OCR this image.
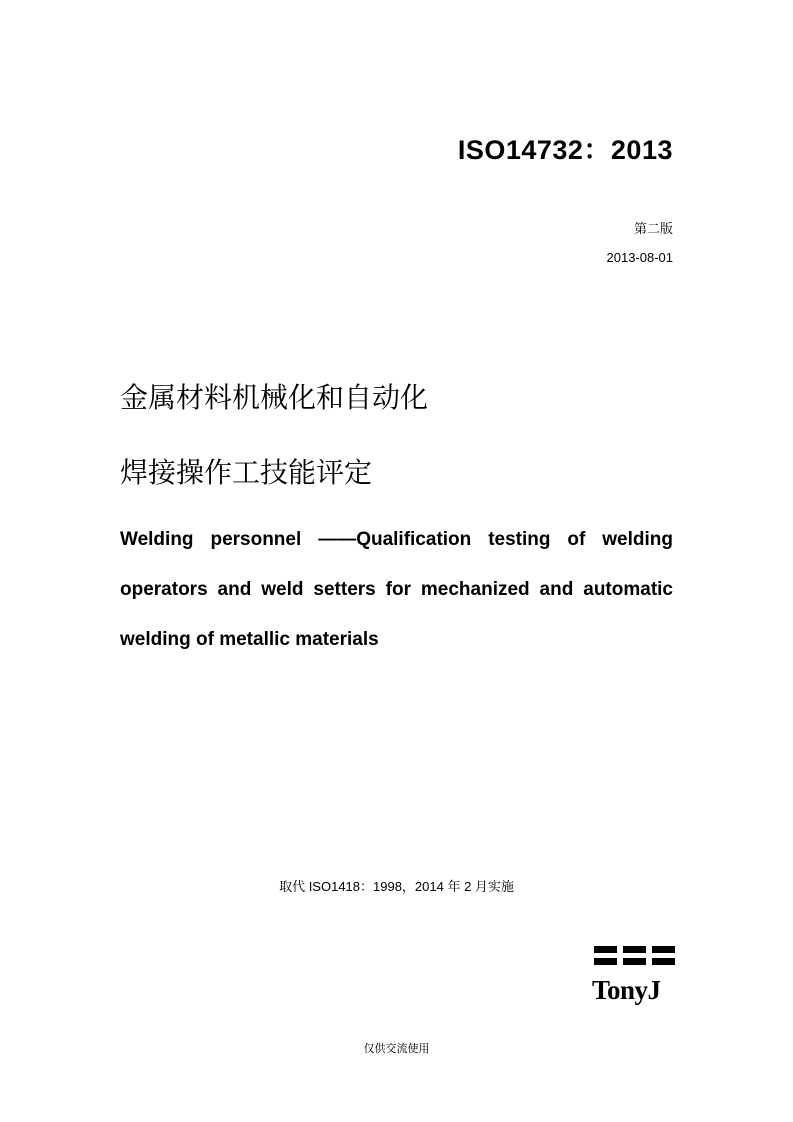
ISO14732：2013
第二版
2013-08-01
金属材料机械化和自动化
焊接操作工技能评定
Welding personnel ——Qualification testing of welding
operators and weld setters for mechanized and automatic
welding of metallic materials
取代 ISO1418：1998，2014 年 2 月实施
TonyJ
仅供交流使用
